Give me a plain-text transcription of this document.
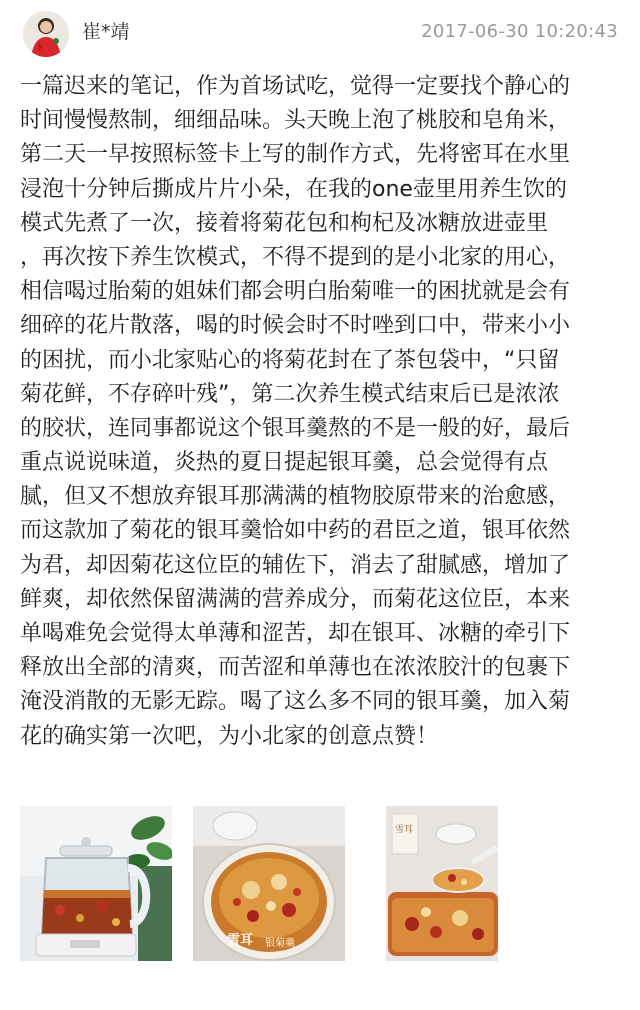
崔*靖	2017-06-30 10:20:43
一篇迟来的笔记，作为首场试吃，觉得一定要找个静心的
时间慢慢熬制，细细品味。头天晚上泡了桃胶和皂角米，
第二天一早按照标签卡上写的制作方式，先将密耳在水里
浸泡十分钟后撕成片片小朵，在我的one壶里用养生饮的
模式先煮了一次，接着将菊花包和枸杞及冰糖放进壶里
，再次按下养生饮模式，不得不提到的是小北家的用心，
相信喝过胎菊的姐妹们都会明白胎菊唯一的困扰就是会有
细碎的花片散落，喝的时候会时不时唑到口中，带来小小
的困扰，而小北家贴心的将菊花封在了茶包袋中，“只留
菊花鲜，不存碎叶残”，第二次养生模式结束后已是浓浓
的胶状，连同事都说这个银耳羹熬的不是一般的好，最后
重点说说味道，炎热的夏日提起银耳羹，总会觉得有点
腻，但又不想放弃银耳那满满的植物胶原带来的治愈感，
而这款加了菊花的银耳羹恰如中药的君臣之道，银耳依然
为君，却因菊花这位臣的辅佐下，消去了甜腻感，增加了
鲜爽，却依然保留满满的营养成分，而菊花这位臣，本来
单喝难免会觉得太单薄和涩苦，却在银耳、冰糖的牵引下
释放出全部的清爽，而苦涩和单薄也在浓浓胶汁的包裹下
淹没消散的无影无踪。喝了这么多不同的银耳羹，加入菊
花的确实第一次吧，为小北家的创意点赞！
雪耳 银菊羹
雪耳
